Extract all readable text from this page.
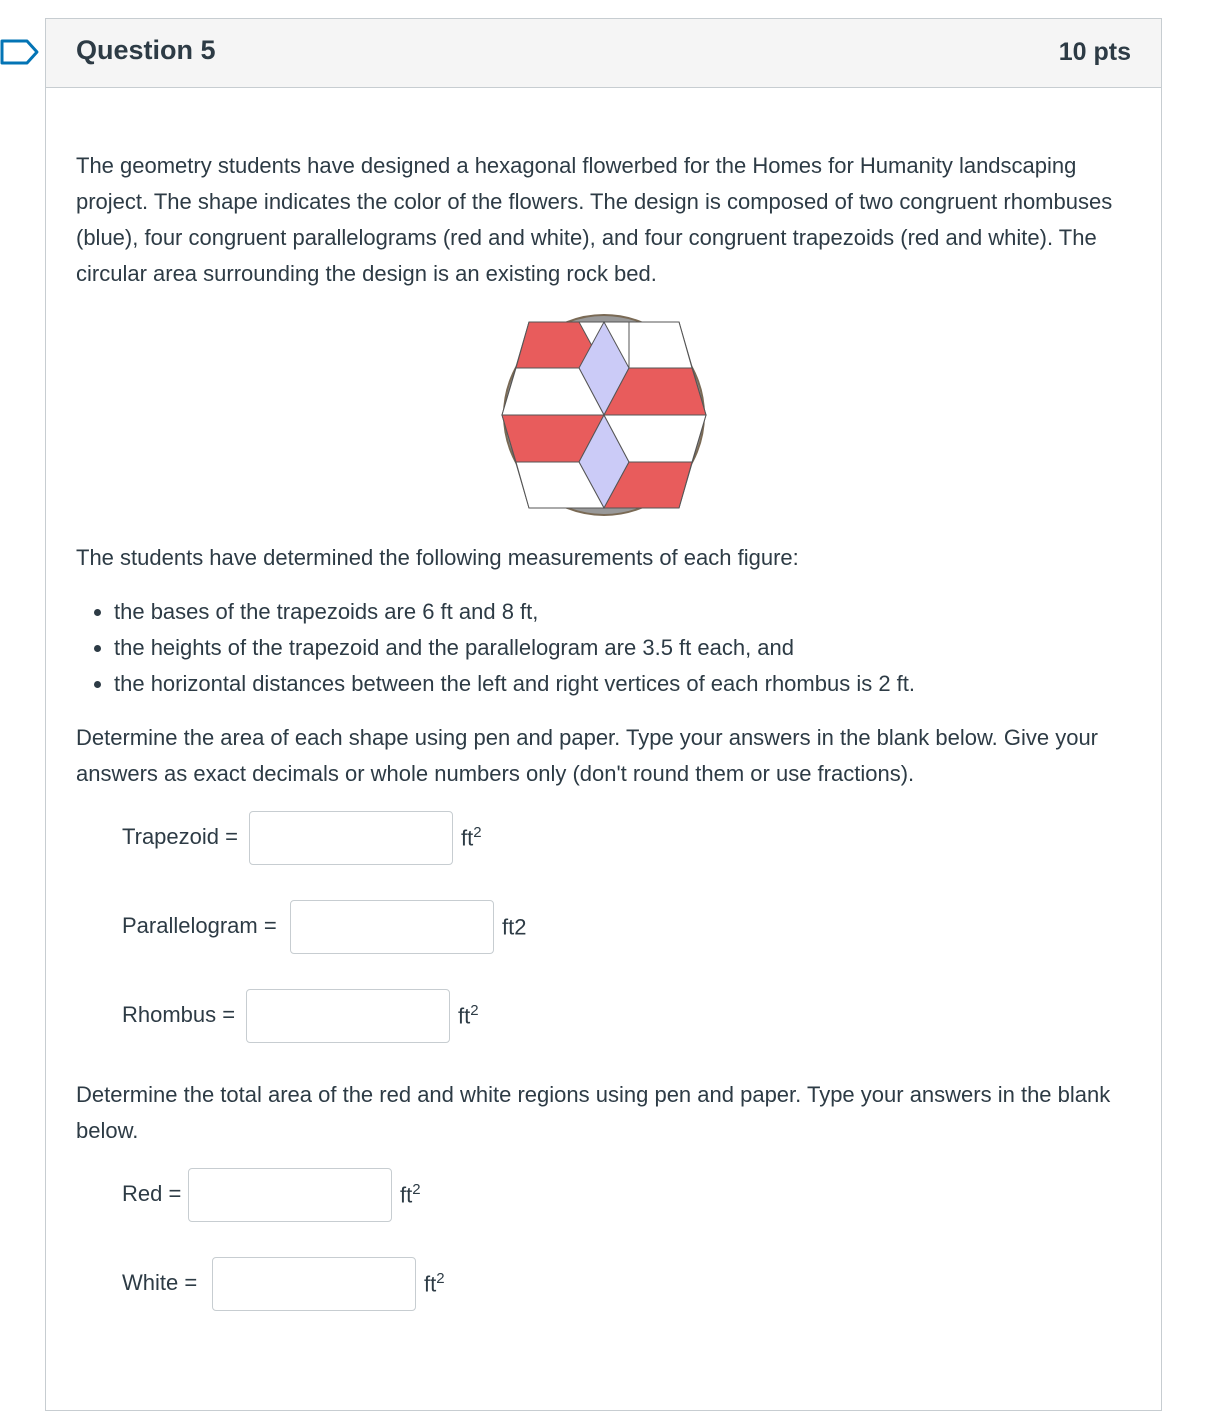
Question 5	10 pts

The geometry students have designed a hexagonal flowerbed for the Homes for Humanity landscaping project. The shape indicates the color of the flowers. The design is composed of two congruent rhombuses (blue), four congruent parallelograms (red and white), and four congruent trapezoids (red and white). The circular area surrounding the design is an existing rock bed.

The students have determined the following measurements of each figure:
• the bases of the trapezoids are 6 ft and 8 ft,
• the heights of the trapezoid and the parallelogram are 3.5 ft each, and
• the horizontal distances between the left and right vertices of each rhombus is 2 ft.
Determine the area of each shape using pen and paper. Type your answers in the blank below. Give your answers as exact decimals or whole numbers only (don't round them or use fractions).
Trapezoid =	$ft^2$
Parallelogram =	ft2
Rhombus =	$ft^2$
Determine the total area of the red and white regions using pen and paper. Type your answers in the blank below.
Red =	$ft^2$
White =	$ft^2$
